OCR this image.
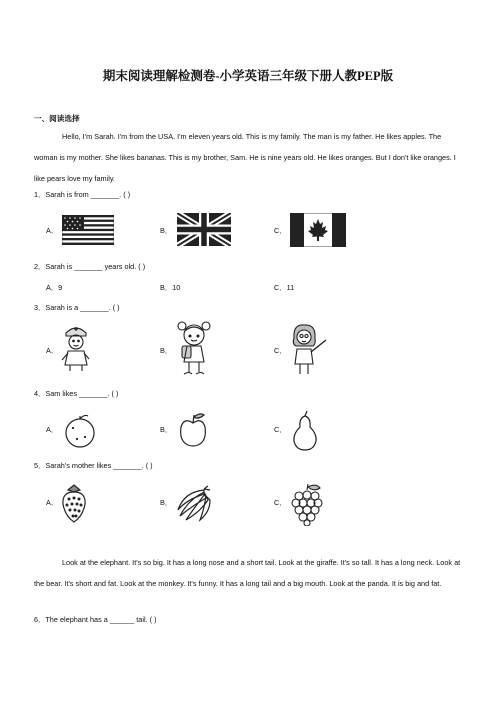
期末阅读理解检测卷-小学英语三年级下册人教PEP版
一、阅读选择
Hello, I'm Sarah. I'm from the USA. I'm eleven years old. This is my family. The man is my father. He likes apples. The woman is my mother. She likes bananas. This is my brother, Sam. He is nine years old. He likes oranges. But I don't like oranges. I like pears love my family.
1．Sarah is from _______. ( )
A．	B．	C．
2．Sarah is _______ years old. ( )
A．9	B．10	C．11
3．Sarah is a _______. ( )
A．	B．	C．
4．Sam likes _______. ( )
A．	B．	C．
5．Sarah's mother likes _______. ( )
A．	B．	C．
Look at the elephant. It's so big. It has a long nose and a short tail. Look at the giraffe. It's so tall. It has a long neck. Look at the bear. It's short and fat. Look at the monkey. It's funny. It has a long tail and a big mouth. Look at the panda. It is big and fat.
6．The elephant has a ______ tail. ( )
